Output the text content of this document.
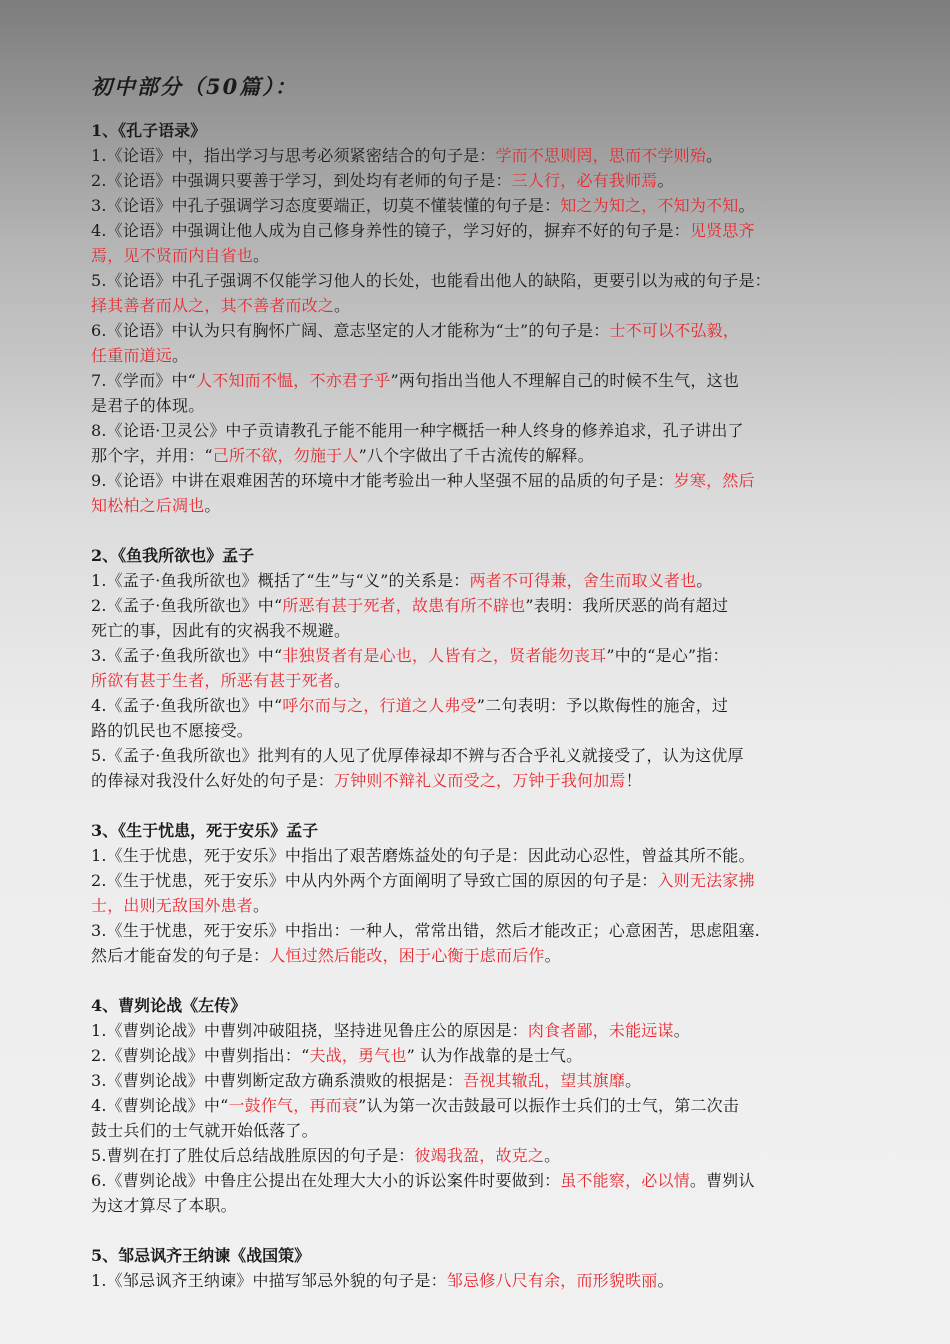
初中部分（50篇）：
1、《孔子语录》
1.《论语》中，指出学习与思考必须紧密结合的句子是：学而不思则罔，思而不学则殆。
2.《论语》中强调只要善于学习，到处均有老师的句子是：三人行，必有我师焉。
3.《论语》中孔子强调学习态度要端正，切莫不懂装懂的句子是：知之为知之，不知为不知。
4.《论语》中强调让他人成为自己修身养性的镜子，学习好的，摒弃不好的句子是：见贤思齐
焉，见不贤而内自省也。
5.《论语》中孔子强调不仅能学习他人的长处，也能看出他人的缺陷，更要引以为戒的句子是：
择其善者而从之，其不善者而改之。
6.《论语》中认为只有胸怀广阔、意志坚定的人才能称为“士”的句子是：士不可以不弘毅，
任重而道远。
7.《学而》中“人不知而不愠，不亦君子乎”两句指出当他人不理解自己的时候不生气，这也
是君子的体现。
8.《论语·卫灵公》中子贡请教孔子能不能用一种字概括一种人终身的修养追求，孔子讲出了
那个字，并用：“己所不欲，勿施于人”八个字做出了千古流传的解释。
9.《论语》中讲在艰难困苦的环境中才能考验出一种人坚强不屈的品质的句子是：岁寒，然后
知松柏之后凋也。
2、《鱼我所欲也》孟子
1.《孟子·鱼我所欲也》概括了“生”与“义”的关系是：两者不可得兼，舍生而取义者也。
2.《孟子·鱼我所欲也》中“所恶有甚于死者，故患有所不辟也”表明：我所厌恶的尚有超过
死亡的事，因此有的灾祸我不规避。
3.《孟子·鱼我所欲也》中“非独贤者有是心也，人皆有之，贤者能勿丧耳”中的“是心”指：
所欲有甚于生者，所恶有甚于死者。
4.《孟子·鱼我所欲也》中“呼尔而与之，行道之人弗受”二句表明：予以欺侮性的施舍，过
路的饥民也不愿接受。
5.《孟子·鱼我所欲也》批判有的人见了优厚俸禄却不辨与否合乎礼义就接受了，认为这优厚
的俸禄对我没什么好处的句子是：万钟则不辩礼义而受之，万钟于我何加焉！
3、《生于忧患，死于安乐》孟子
1.《生于忧患，死于安乐》中指出了艰苦磨炼益处的句子是：因此动心忍性，曾益其所不能。
2.《生于忧患，死于安乐》中从内外两个方面阐明了导致亡国的原因的句子是：入则无法家拂
士，出则无敌国外患者。
3.《生于忧患，死于安乐》中指出：一种人，常常出错，然后才能改正；心意困苦，思虑阻塞.
然后才能奋发的句子是：人恒过然后能改，困于心衡于虑而后作。
4、曹刿论战《左传》
1.《曹刿论战》中曹刿冲破阻挠，坚持进见鲁庄公的原因是：肉食者鄙，未能远谋。
2.《曹刿论战》中曹刿指出：“夫战，勇气也” 认为作战靠的是士气。
3.《曹刿论战》中曹刿断定敌方确系溃败的根据是：吾视其辙乱，望其旗靡。
4.《曹刿论战》中“一鼓作气，再而衰”认为第一次击鼓最可以振作士兵们的士气，第二次击
鼓士兵们的士气就开始低落了。
5.曹刿在打了胜仗后总结战胜原因的句子是：彼竭我盈，故克之。
6.《曹刿论战》中鲁庄公提出在处理大大小的诉讼案件时要做到：虽不能察，必以情。曹刿认
为这才算尽了本职。
5、邹忌讽齐王纳谏《战国策》
1.《邹忌讽齐王纳谏》中描写邹忌外貌的句子是：邹忌修八尺有余，而形貌昳丽。
